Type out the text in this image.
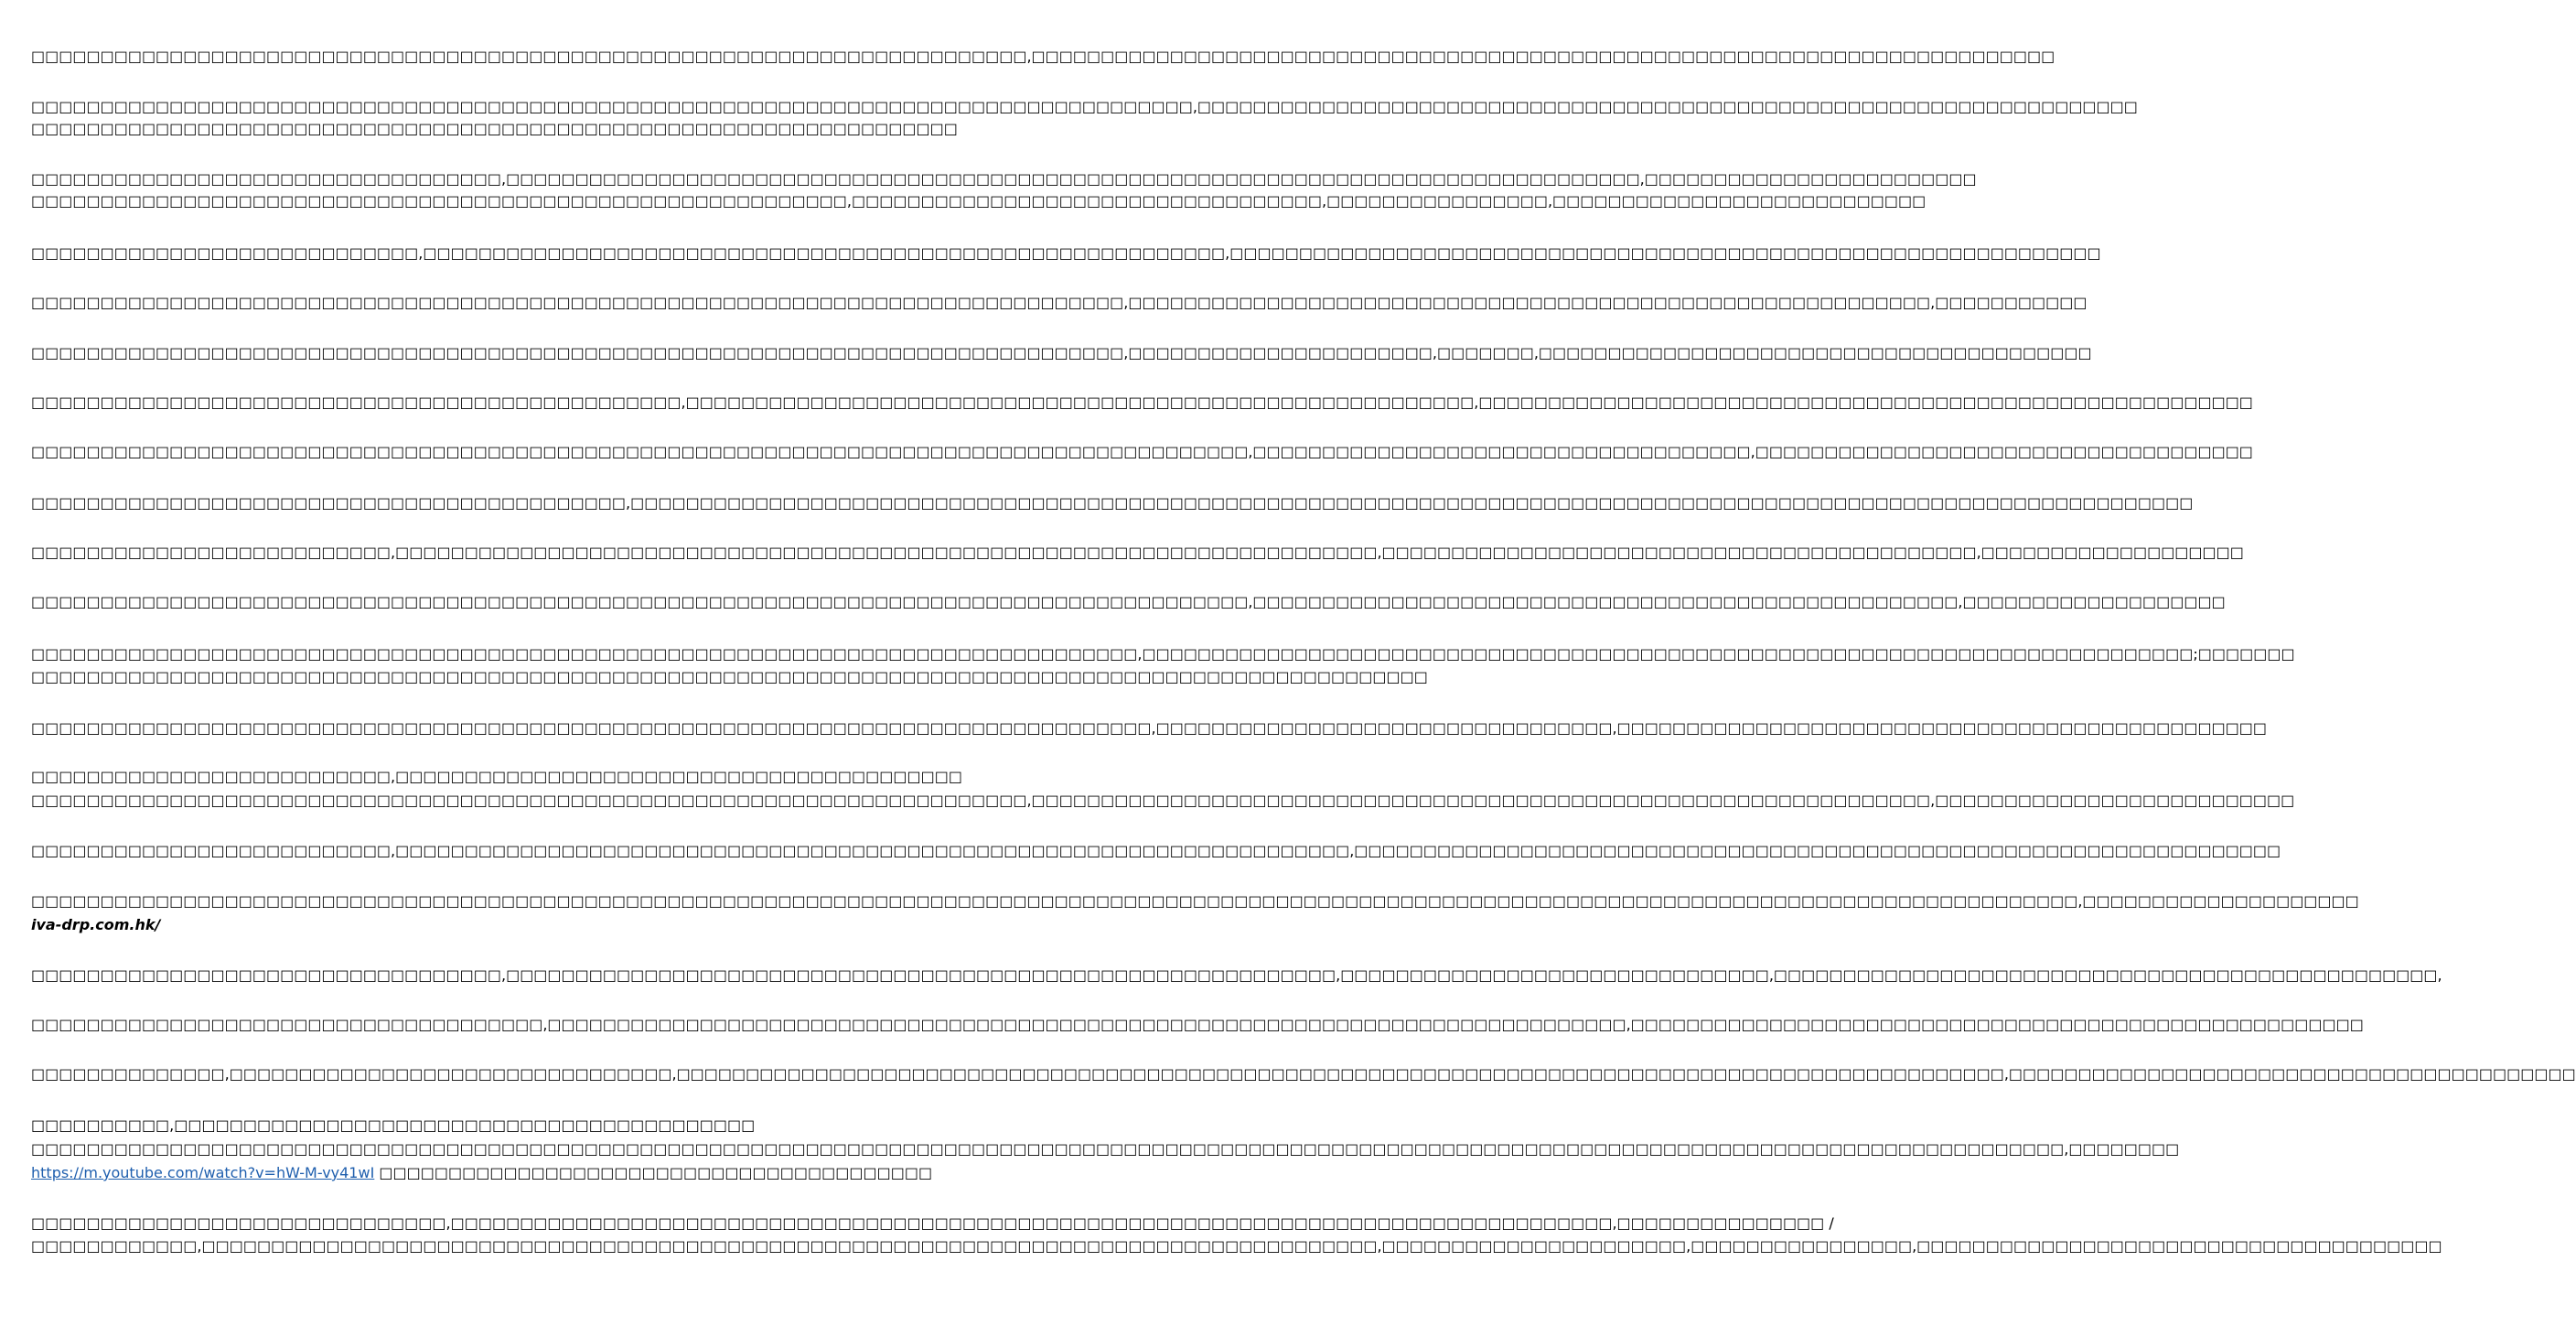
□□□□□□□□□□□□□□□□□□□□□□□□□□□□□□□□□□□□□□□□□□□□□□□□□□□□□□□□□□□□□□□□□□□□□□□□,□□□□□□□□□□□□□□□□□□□□□□□□□□□□□□□□□□□□□□□□□□□□□□□□□□□□□□□□□□□□□□□□□□□□□□□□□□
□□□□□□□□□□□□□□□□□□□□□□□□□□□□□□□□□□□□□□□□□□□□□□□□□□□□□□□□□□□□□□□□□□□□□□□□□□□□□□□□□□□□,□□□□□□□□□□□□□□□□□□□□□□□□□□□□□□□□□□□□□□□□□□□□□□□□□□□□□□□□□□□□□□□□□□□□
□□□□□□□□□□□□□□□□□□□□□□□□□□□□□□□□□□□□□□□□□□□□□□□□□□□□□□□□□□□□□□□□□□□
□□□□□□□□□□□□□□□□□□□□□□□□□□□□□□□□□□,□□□□□□□□□□□□□□□□□□□□□□□□□□□□□□□□□□□□□□□□□□□□□□□□□□□□□□□□□□□□□□□□□□□□□□□□□□□□□□□□□□,□□□□□□□□□□□□□□□□□□□□□□□□
□□□□□□□□□□□□□□□□□□□□□□□□□□□□□□□□□□□□□□□□□□□□□□□□□□□□□□□□□□□,□□□□□□□□□□□□□□□□□□□□□□□□□□□□□□□□□□,□□□□□□□□□□□□□□□□,□□□□□□□□□□□□□□□□□□□□□□□□□□□
□□□□□□□□□□□□□□□□□□□□□□□□□□□□,□□□□□□□□□□□□□□□□□□□□□□□□□□□□□□□□□□□□□□□□□□□□□□□□□□□□□□□□□□,□□□□□□□□□□□□□□□□□□□□□□□□□□□□□□□□□□□□□□□□□□□□□□□□□□□□□□□□□□□□□□□
□□□□□□□□□□□□□□□□□□□□□□□□□□□□□□□□□□□□□□□□□□□□□□□□□□□□□□□□□□□□□□□□□□□□□□□□□□□□□□□,□□□□□□□□□□□□□□□□□□□□□□□□□□□□□□□□□□□□□□□□□□□□□□□□□□□□□□□□□□,□□□□□□□□□□□
□□□□□□□□□□□□□□□□□□□□□□□□□□□□□□□□□□□□□□□□□□□□□□□□□□□□□□□□□□□□□□□□□□□□□□□□□□□□□□□,□□□□□□□□□□□□□□□□□□□□□□,□□□□□□□,□□□□□□□□□□□□□□□□□□□□□□□□□□□□□□□□□□□□□□□□
□□□□□□□□□□□□□□□□□□□□□□□□□□□□□□□□□□□□□□□□□□□□□□□,□□□□□□□□□□□□□□□□□□□□□□□□□□□□□□□□□□□□□□□□□□□□□□□□□□□□□□□□□,□□□□□□□□□□□□□□□□□□□□□□□□□□□□□□□□□□□□□□□□□□□□□□□□□□□□□□□□
□□□□□□□□□□□□□□□□□□□□□□□□□□□□□□□□□□□□□□□□□□□□□□□□□□□□□□□□□□□□□□□□□□□□□□□□□□□□□□□□□□□□□□□□,□□□□□□□□□□□□□□□□□□□□□□□□□□□□□□□□□□□□,□□□□□□□□□□□□□□□□□□□□□□□□□□□□□□□□□□□□
□□□□□□□□□□□□□□□□□□□□□□□□□□□□□□□□□□□□□□□□□□□,□□□□□□□□□□□□□□□□□□□□□□□□□□□□□□□□□□□□□□□□□□□□□□□□□□□□□□□□□□□□□□□□□□□□□□□□□□□□□□□□□□□□□□□□□□□□□□□□□□□□□□□□□□□□□□□□□
□□□□□□□□□□□□□□□□□□□□□□□□□□,□□□□□□□□□□□□□□□□□□□□□□□□□□□□□□□□□□□□□□□□□□□□□□□□□□□□□□□□□□□□□□□□□□□□□□□,□□□□□□□□□□□□□□□□□□□□□□□□□□□□□□□□□□□□□□□□□□□,□□□□□□□□□□□□□□□□□□□
□□□□□□□□□□□□□□□□□□□□□□□□□□□□□□□□□□□□□□□□□□□□□□□□□□□□□□□□□□□□□□□□□□□□□□□□□□□□□□□□□□□□□□□□,□□□□□□□□□□□□□□□□□□□□□□□□□□□□□□□□□□□□□□□□□□□□□□□□□□□,□□□□□□□□□□□□□□□□□□□
□□□□□□□□□□□□□□□□□□□□□□□□□□□□□□□□□□□□□□□□□□□□□□□□□□□□□□□□□□□□□□□□□□□□□□□□□□□□□□□□,□□□□□□□□□□□□□□□□□□□□□□□□□□□□□□□□□□□□□□□□□□□□□□□□□□□□□□□□□□□□□□□□□□□□□□□□□□□□;□□□□□□□
□□□□□□□□□□□□□□□□□□□□□□□□□□□□□□□□□□□□□□□□□□□□□□□□□□□□□□□□□□□□□□□□□□□□□□□□□□□□□□□□□□□□□□□□□□□□□□□□□□□□□
□□□□□□□□□□□□□□□□□□□□□□□□□□□□□□□□□□□□□□□□□□□□□□□□□□□□□□□□□□□□□□□□□□□□□□□□□□□□□□□□□,□□□□□□□□□□□□□□□□□□□□□□□□□□□□□□□□□,□□□□□□□□□□□□□□□□□□□□□□□□□□□□□□□□□□□□□□□□□□□□□□□
□□□□□□□□□□□□□□□□□□□□□□□□□□,□□□□□□□□□□□□□□□□□□□□□□□□□□□□□□□□□□□□□□□□□
□□□□□□□□□□□□□□□□□□□□□□□□□□□□□□□□□□□□□□□□□□□□□□□□□□□□□□□□□□□□□□□□□□□□□□□□,□□□□□□□□□□□□□□□□□□□□□□□□□□□□□□□□□□□□□□□□□□□□□□□□□□□□□□□□□□□□□□□□□,□□□□□□□□□□□□□□□□□□□□□□□□□□
□□□□□□□□□□□□□□□□□□□□□□□□□□,□□□□□□□□□□□□□□□□□□□□□□□□□□□□□□□□□□□□□□□□□□□□□□□□□□□□□□□□□□□□□□□□□□□□□,□□□□□□□□□□□□□□□□□□□□□□□□□□□□□□□□□□□□□□□□□□□□□□□□□□□□□□□□□□□□□□□□□□□
□□□□□□□□□□□□□□□□□□□□□□□□□□□□□□□□□□□□□□□□□□□□□□□□□□□□□□□□□□□□□□□□□□□□□□□□□□□□□□□□□□□□□□□□□□□□□□□□□□□□□□□□□□□□□□□□□□□□□□□□□□□□□□□□□□□□□□□□□□□□□□□□□□□□,□□□□□□□□□□□□□□□□□□□□
iva-drp.com.hk/
□□□□□□□□□□□□□□□□□□□□□□□□□□□□□□□□□□,□□□□□□□□□□□□□□□□□□□□□□□□□□□□□□□□□□□□□□□□□□□□□□□□□□□□□□□□□□□□,□□□□□□□□□□□□□□□□□□□□□□□□□□□□□□□,□□□□□□□□□□□□□□□□□□□□□□□□□□□□□□□□□□□□□□□□□□□□□□□□,
□□□□□□□□□□□□□□□□□□□□□□□□□□□□□□□□□□□□□,□□□□□□□□□□□□□□□□□□□□□□□□□□□□□□□□□□□□□□□□□□□□□□□□□□□□□□□□□□□□□□□□□□□□□□□□□□□□□□,□□□□□□□□□□□□□□□□□□□□□□□□□□□□□□□□□□□□□□□□□□□□□□□□□□□□□
□□□□□□□□□□□□□□,□□□□□□□□□□□□□□□□□□□□□□□□□□□□□□□□,□□□□□□□□□□□□□□□□□□□□□□□□□□□□□□□□□□□□□□□□□□□□□□□□□□□□□□□□□□□□□□□□□□□□□□□□□□□□□□□□□□□□□□□□□□□□□□□□,□□□□□□□□□□□□□□□□□□□□□□□□□□□□□□□□□□□□□□□□□
□□□□□□□□□□,□□□□□□□□□□□□□□□□□□□□□□□□□□□□□□□□□□□□□□□□□□
□□□□□□□□□□□□□□□□□□□□□□□□□□□□□□□□□□□□□□□□□□□□□□□□□□□□□□□□□□□□□□□□□□□□□□□□□□□□□□□□□□□□□□□□□□□□□□□□□□□□□□□□□□□□□□□□□□□□□□□□□□□□□□□□□□□□□□□□□□□□□□□□□□□,□□□□□□□□
https://m.youtube.com/watch?v=hW-M-vy41wI □□□□□□□□□□□□□□□□□□□□□□□□□□□□□□□□□□□□□□□□
□□□□□□□□□□□□□□□□□□□□□□□□□□□□□□,□□□□□□□□□□□□□□□□□□□□□□□□□□□□□□□□□□□□□□□□□□□□□□□□□□□□□□□□□□□□□□□□□□□□□□□□□□□□□□□□□□□□,□□□□□□□□□□□□□□□ /
□□□□□□□□□□□□,□□□□□□□□□□□□□□□□□□□□□□□□□□□□□□□□□□□□□□□□□□□□□□□□□□□□□□□□□□□□□□□□□□□□□□□□□□□□□□□□□□□□□,□□□□□□□□□□□□□□□□□□□□□□,□□□□□□□□□□□□□□□□,□□□□□□□□□□□□□□□□□□□□□□□□□□□□□□□□□□□□□□
